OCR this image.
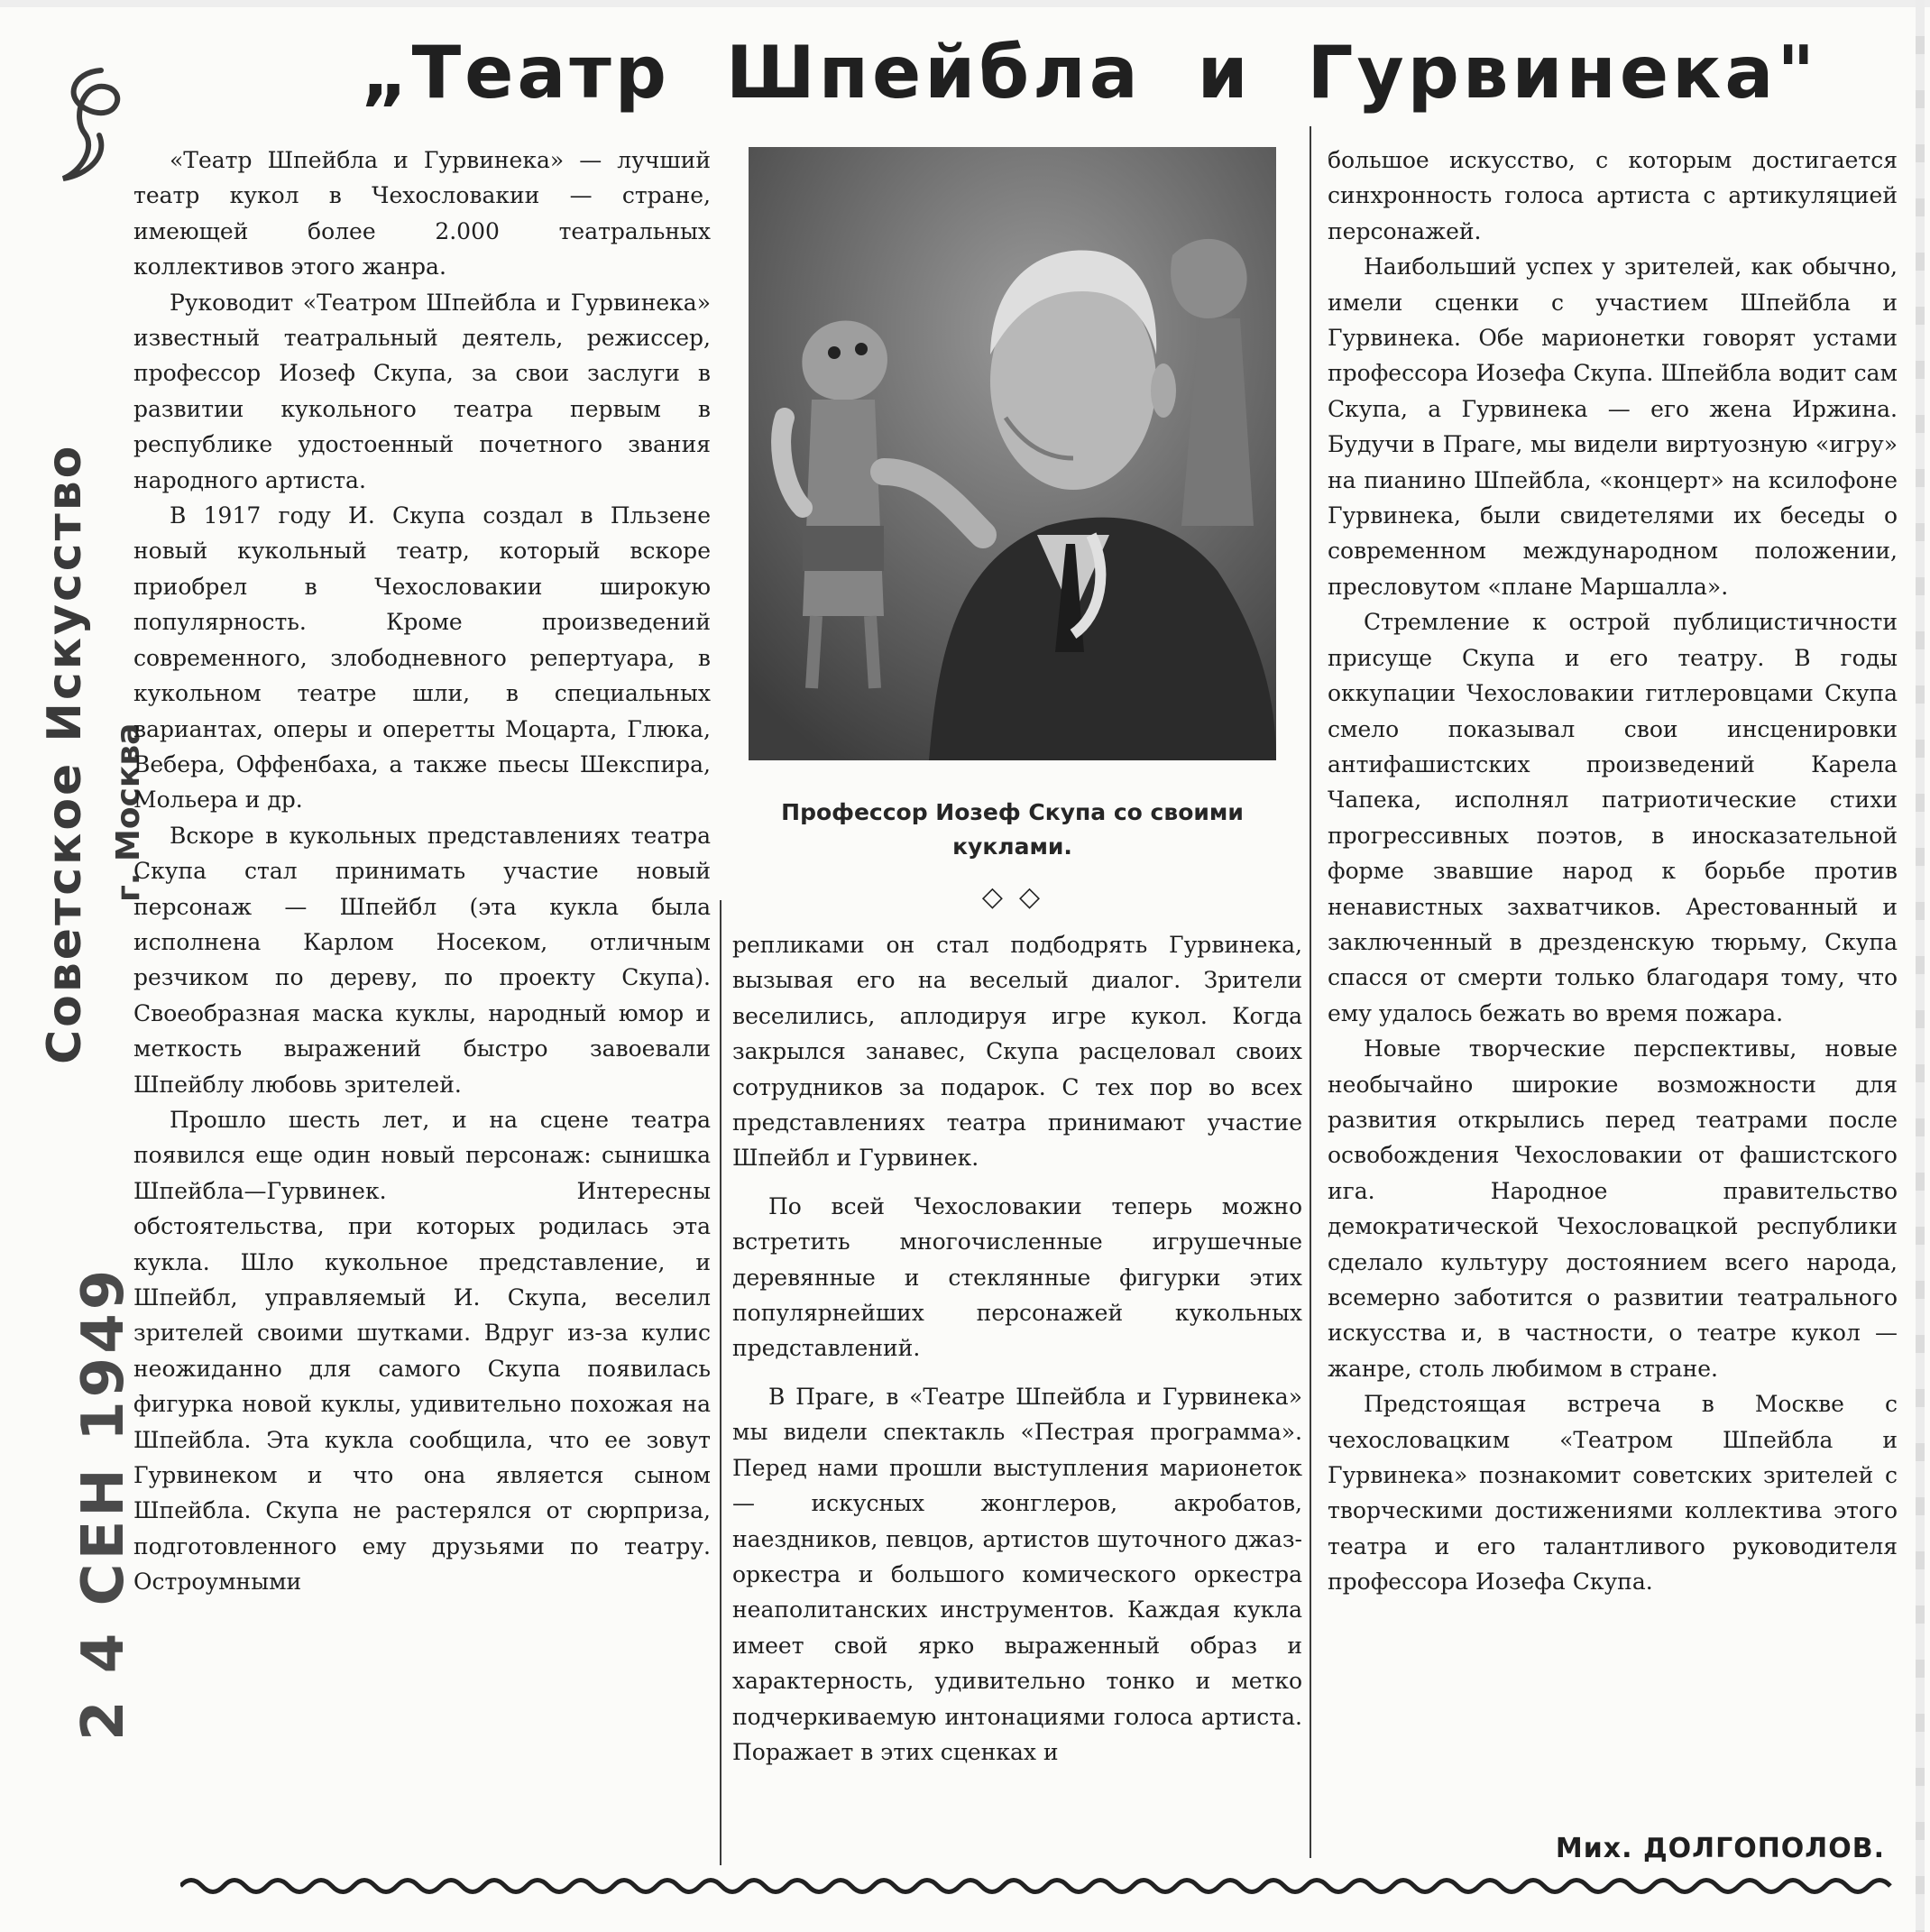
„Театр Шпейбла и Гурвинека"
Советское Искусство г. Москва
2 4 СЕН 1949

«Театр Шпейбла и Гурвинека» — лучший театр кукол в Чехословакии — стране, имеющей более 2.000 театральных коллективов этого жанра.

Руководит «Театром Шпейбла и Гурвинека» известный театральный деятель, режиссер, профессор Иозеф Скупа, за свои заслуги в развитии кукольного театра первым в республике удостоенный почетного звания народного артиста.

В 1917 году И. Скупа создал в Пльзене новый кукольный театр, который вскоре приобрел в Чехословакии широкую популярность. Кроме произведений современного, злободневного репертуара, в кукольном театре шли, в специальных вариантах, оперы и оперетты Моцарта, Глюка, Вебера, Оффенбаха, а также пьесы Шекспира, Мольера и др.

Вскоре в кукольных представлениях театра Скупа стал принимать участие новый персонаж — Шпейбл (эта кукла была исполнена Карлом Носеком, отличным резчиком по дереву, по проекту Скупа). Своеобразная маска куклы, народный юмор и меткость выражений быстро завоевали Шпейблу любовь зрителей.

Прошло шесть лет, и на сцене театра появился еще один новый персонаж: сынишка Шпейбла—Гурвинек. Интересны обстоятельства, при которых родилась эта кукла. Шло кукольное представление, и Шпейбл, управляемый И. Скупа, веселил зрителей своими шутками. Вдруг из-за кулис неожиданно для самого Скупа появилась фигурка новой куклы, удивительно похожая на Шпейбла. Эта кукла сообщила, что ее зовут Гурвинеком и что она является сыном Шпейбла. Скупа не растерялся от сюрприза, подготовленного ему друзьями по театру. Остроумными

Профессор Иозеф Скупа со своими куклами.
◇◇

репликами он стал подбодрять Гурвинека, вызывая его на веселый диалог. Зрители веселились, аплодируя игре кукол. Когда закрылся занавес, Скупа расцеловал своих сотрудников за подарок. С тех пор во всех представлениях театра принимают участие Шпейбл и Гурвинек.

По всей Чехословакии теперь можно встретить многочисленные игрушечные деревянные и стеклянные фигурки этих популярнейших персонажей кукольных представлений.

В Праге, в «Театре Шпейбла и Гурвинека» мы видели спектакль «Пестрая программа». Перед нами прошли выступления марионеток — искусных жонглеров, акробатов, наездников, певцов, артистов шуточного джаз-оркестра и большого комического оркестра неаполитанских инструментов. Каждая кукла имеет свой ярко выраженный образ и характерность, удивительно тонко и метко подчеркиваемую интонациями голоса артиста. Поражает в этих сценках и

большое искусство, с которым достигается синхронность голоса артиста с артикуляцией персонажей.

Наибольший успех у зрителей, как обычно, имели сценки с участием Шпейбла и Гурвинека. Обе марионетки говорят устами профессора Иозефа Скупа. Шпейбла водит сам Скупа, а Гурвинека — его жена Иржина. Будучи в Праге, мы видели виртуозную «игру» на пианино Шпейбла, «концерт» на ксилофоне Гурвинека, были свидетелями их беседы о современном международном положении, пресловутом «плане Маршалла».

Стремление к острой публицистичности присуще Скупа и его театру. В годы оккупации Чехословакии гитлеровцами Скупа смело показывал свои инсценировки антифашистских произведений Карела Чапека, исполнял патриотические стихи прогрессивных поэтов, в иносказательной форме звавшие народ к борьбе против ненавистных захватчиков. Арестованный и заключенный в дрезденскую тюрьму, Скупа спасся от смерти только благодаря тому, что ему удалось бежать во время пожара.

Новые творческие перспективы, новые необычайно широкие возможности для развития открылись перед театрами после освобождения Чехословакии от фашистского ига. Народное правительство демократической Чехословацкой республики сделало культуру достоянием всего народа, всемерно заботится о развитии театрального искусства и, в частности, о театре кукол — жанре, столь любимом в стране.

Предстоящая встреча в Москве с чехословацким «Театром Шпейбла и Гурвинека» познакомит советских зрителей с творческими достижениями коллектива этого театра и его талантливого руководителя профессора Иозефа Скупа.

Мих. ДОЛГОПОЛОВ.
